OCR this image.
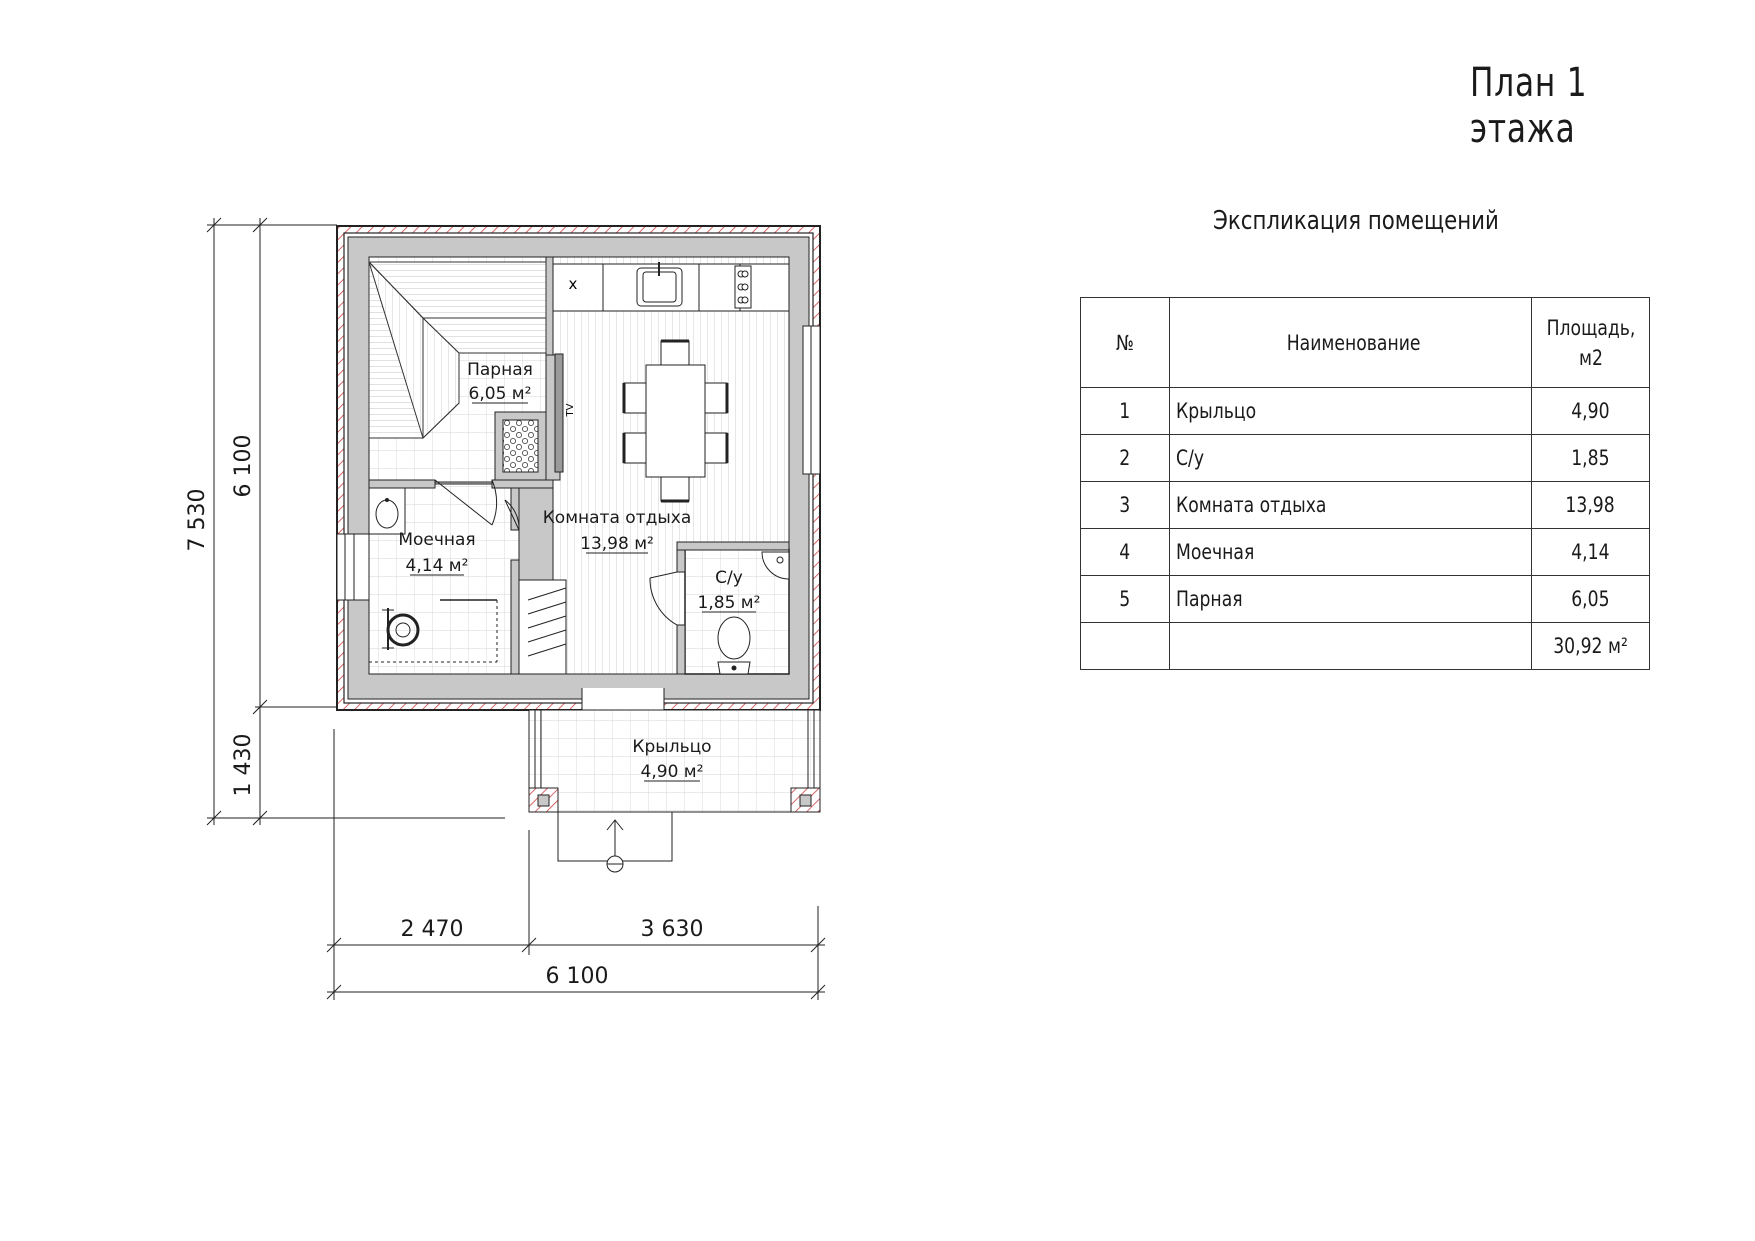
План 1 этажа
x
TV
Парная
6,05 м²
Моечная
4,14 м²
Комната отдыха
13,98 м²
С/у
1,85 м²
Крыльцо
4,90 м²
7 530
6 100
1 430
2 470	3 630
6 100
Экспликация помещений
№	Наименование	Площадь, м2
1	Крыльцо	4,90
2	С/у	1,85
3	Комната отдыха	13,98
4	Моечная	4,14
5	Парная	6,05
		30,92 м²
